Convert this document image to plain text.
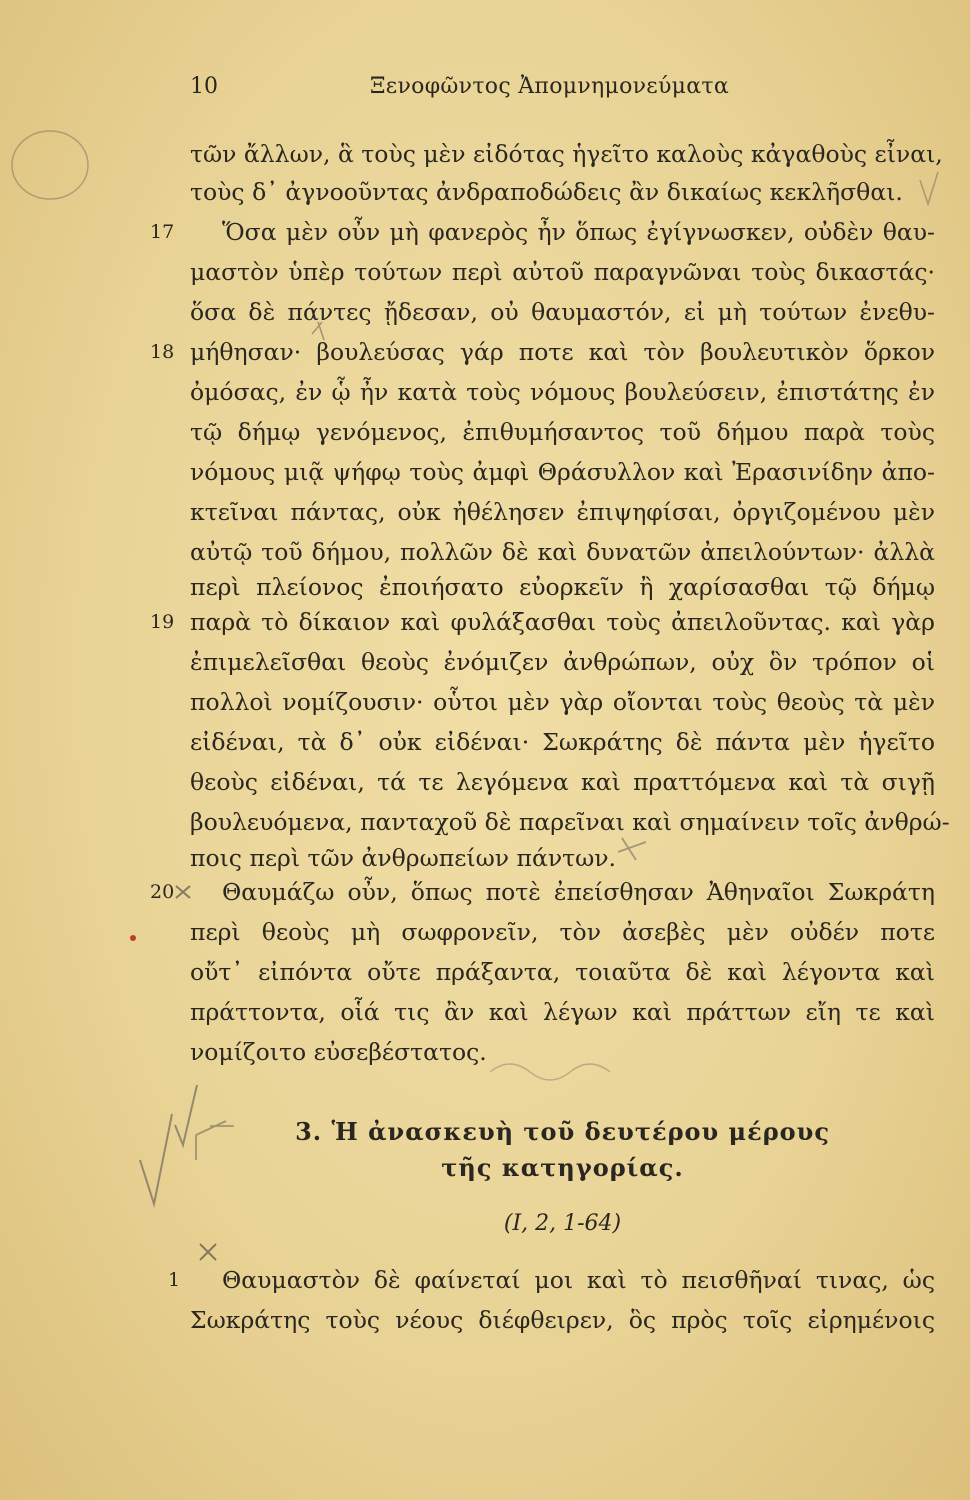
10	Ξενοφῶντος Ἀπομνημονεύματα
17
18
19
20
1
τῶν ἄλλων, ἃ τοὺς μὲν εἰδότας ἡγεῖτο καλοὺς κἀγαθοὺς εἶναι,
τοὺς δ᾽ ἀγνοοῦντας ἀνδραποδώδεις ἂν δικαίως κεκλῆσθαι.
Ὅσα μὲν οὖν μὴ φανερὸς ἦν ὅπως ἐγίγνωσκεν, οὐδὲν θαυ-
μαστὸν ὑπὲρ τούτων περὶ αὐτοῦ παραγνῶναι τοὺς δικαστάς·
ὅσα δὲ πάντες ᾔδεσαν, οὐ θαυμαστόν, εἰ μὴ τούτων ἐνεθυ-
μήθησαν· βουλεύσας γάρ ποτε καὶ τὸν βουλευτικὸν ὅρκον
ὀμόσας, ἐν ᾧ ἦν κατὰ τοὺς νόμους βουλεύσειν, ἐπιστάτης ἐν
τῷ δήμῳ γενόμενος, ἐπιθυμήσαντος τοῦ δήμου παρὰ τοὺς
νόμους μιᾷ ψήφῳ τοὺς ἀμφὶ Θράσυλλον καὶ Ἐρασινίδην ἀπο-
κτεῖναι πάντας, οὐκ ἠθέλησεν ἐπιψηφίσαι, ὀργιζομένου μὲν
αὐτῷ τοῦ δήμου, πολλῶν δὲ καὶ δυνατῶν ἀπειλούντων· ἀλλὰ
περὶ πλείονος ἐποιήσατο εὐορκεῖν ἢ χαρίσασθαι τῷ δήμῳ
παρὰ τὸ δίκαιον καὶ φυλάξασθαι τοὺς ἀπειλοῦντας. καὶ γὰρ
ἐπιμελεῖσθαι θεοὺς ἐνόμιζεν ἀνθρώπων, οὐχ ὃν τρόπον οἱ
πολλοὶ νομίζουσιν· οὗτοι μὲν γὰρ οἴονται τοὺς θεοὺς τὰ μὲν
εἰδέναι, τὰ δ᾽ οὐκ εἰδέναι· Σωκράτης δὲ πάντα μὲν ἡγεῖτο
θεοὺς εἰδέναι, τά τε λεγόμενα καὶ πραττόμενα καὶ τὰ σιγῇ
βουλευόμενα, πανταχοῦ δὲ παρεῖναι καὶ σημαίνειν τοῖς ἀνθρώ-
ποις περὶ τῶν ἀνθρωπείων πάντων.
Θαυμάζω οὖν, ὅπως ποτὲ ἐπείσθησαν Ἀθηναῖοι Σωκράτη
περὶ θεοὺς μὴ σωφρονεῖν, τὸν ἀσεβὲς μὲν οὐδέν ποτε
οὔτ᾽ εἰπόντα οὔτε πράξαντα, τοιαῦτα δὲ καὶ λέγοντα καὶ
πράττοντα, οἷά τις ἂν καὶ λέγων καὶ πράττων εἴη τε καὶ
νομίζοιτο εὐσεβέστατος.
3. Ἡ ἀνασκευὴ τοῦ δευτέρου μέρους
τῆς κατηγορίας.
(I, 2, 1-64)
Θαυμαστὸν δὲ φαίνεταί μοι καὶ τὸ πεισθῆναί τινας, ὡς
Σωκράτης τοὺς νέους διέφθειρεν, ὃς πρὸς τοῖς εἰρημένοις
